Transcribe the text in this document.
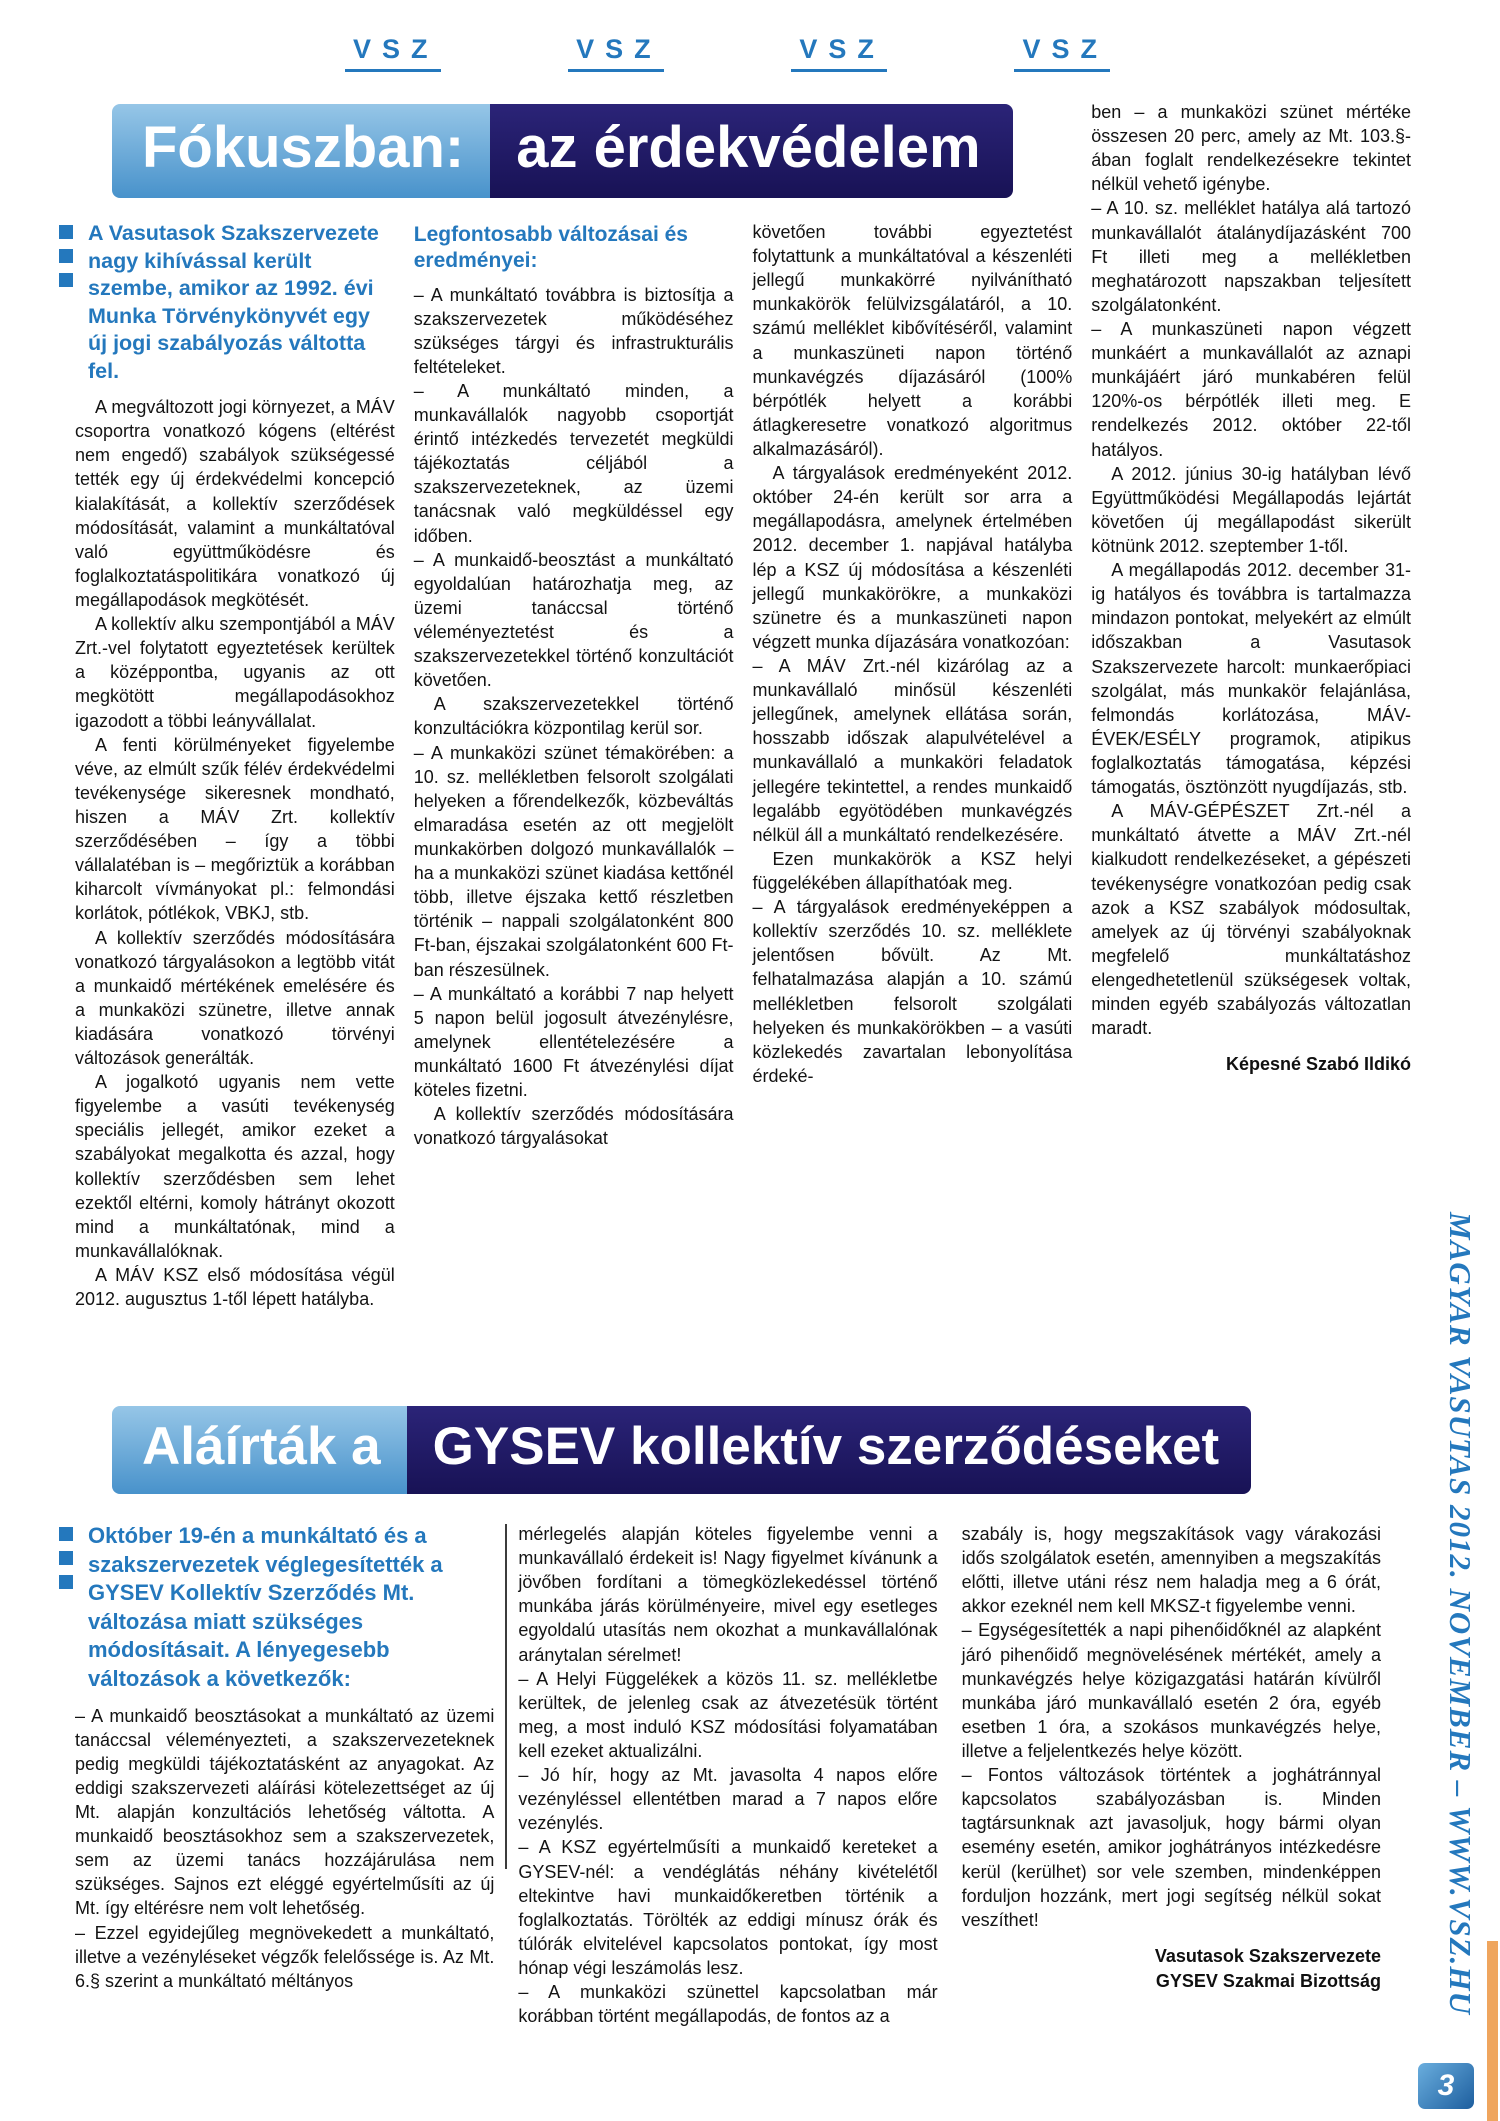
VSZ	VSZ	VSZ	VSZ
Fókuszban: az érdekvédelem

A Vasutasok Szakszervezete nagy kihívással került szembe, amikor az 1992. évi Munka Törvénykönyvét egy új jogi szabályozás váltotta fel.

A megváltozott jogi környezet, a MÁV csoportra vonatkozó kógens (eltérést nem engedő) szabályok szükségessé tették egy új érdekvédelmi koncepció kialakítását, a kollektív szerződések módosítását, valamint a munkáltatóval való együttműködésre és foglalkoztatáspolitikára vonatkozó új megállapodások megkötését.

A kollektív alku szempontjából a MÁV Zrt.-vel folytatott egyeztetések kerültek a középpontba, ugyanis az ott megkötött megállapodásokhoz igazodott a többi leányvállalat.

A fenti körülményeket figyelembe véve, az elmúlt szűk félév érdekvédelmi tevékenysége sikeresnek mondható, hiszen a MÁV Zrt. kollektív szerződésében – így a többi vállalatéban is – megőriztük a korábban kiharcolt vívmányokat pl.: felmondási korlátok, pótlékok, VBKJ, stb.

A kollektív szerződés módosítására vonatkozó tárgyalásokon a legtöbb vitát a munkaidő mértékének emelésére és a munkaközi szünetre, illetve annak kiadására vonatkozó törvényi változások generálták.

A jogalkotó ugyanis nem vette figyelembe a vasúti tevékenység speciális jellegét, amikor ezeket a szabályokat megalkotta és azzal, hogy kollektív szerződésben sem lehet ezektől eltérni, komoly hátrányt okozott mind a munkáltatónak, mind a munkavállalóknak.

A MÁV KSZ első módosítása végül 2012. augusztus 1-től lépett hatályba.

Legfontosabb változásai és eredményei:

– A munkáltató továbbra is biztosítja a szakszervezetek működéséhez szükséges tárgyi és infrastrukturális feltételeket.

– A munkáltató minden, a munkavállalók nagyobb csoportját érintő intézkedés tervezetét megküldi tájékoztatás céljából a szakszervezeteknek, az üzemi tanácsnak való megküldéssel egy időben.

– A munkaidő-beosztást a munkáltató egyoldalúan határozhatja meg, az üzemi tanáccsal történő véleményeztetést és a szakszervezetekkel történő konzultációt követően.

A szakszervezetekkel történő konzultációkra központilag kerül sor.

– A munkaközi szünet témakörében: a 10. sz. mellékletben felsorolt szolgálati helyeken a főrendelkezők, közbeváltás elmaradása esetén az ott megjelölt munkakörben dolgozó munkavállalók – ha a munkaközi szünet kiadása kettőnél több, illetve éjszaka kettő részletben történik – nappali szolgálatonként 800 Ft-ban, éjszakai szolgálatonként 600 Ft-ban részesülnek.

– A munkáltató a korábbi 7 nap helyett 5 napon belül jogosult átvezénylésre, amelynek ellentételezésére a munkáltató 1600 Ft átvezénylési díjat köteles fizetni.

A kollektív szerződés módosítására vonatkozó tárgyalásokat

követően további egyeztetést folytattunk a munkáltatóval a készenléti jellegű munkakörré nyilvánítható munkakörök felülvizsgálatáról, a 10. számú melléklet kibővítéséről, valamint a munkaszüneti napon történő munkavégzés díjazásáról (100% bérpótlék helyett a korábbi átlagkeresetre vonatkozó algoritmus alkalmazásáról).

A tárgyalások eredményeként 2012. október 24-én került sor arra a megállapodásra, amelynek értelmében 2012. december 1. napjával hatályba lép a KSZ új módosítása a készenléti jellegű munkakörökre, a munkaközi szünetre és a munkaszüneti napon végzett munka díjazására vonatkozóan:

– A MÁV Zrt.-nél kizárólag az a munkavállaló minősül készenléti jellegűnek, amelynek ellátása során, hosszabb időszak alapulvételével a munkavállaló a munkaköri feladatok jellegére tekintettel, a rendes munkaidő legalább egyötödében munkavégzés nélkül áll a munkáltató rendelkezésére.

Ezen munkakörök a KSZ helyi függelékében állapíthatóak meg.

– A tárgyalások eredményeképpen a kollektív szerződés 10. sz. melléklete jelentősen bővült. Az Mt. felhatalmazása alapján a 10. számú mellékletben felsorolt szolgálati helyeken és munkakörökben – a vasúti közlekedés zavartalan lebonyolítása érdeké-

ben – a munkaközi szünet mértéke összesen 20 perc, amely az Mt. 103.§-ában foglalt rendelkezésekre tekintet nélkül vehető igénybe.

– A 10. sz. melléklet hatálya alá tartozó munkavállalót átalánydíjazásként 700 Ft illeti meg a mellékletben meghatározott napszakban teljesített szolgálatonként.

– A munkaszüneti napon végzett munkáért a munkavállalót az aznapi munkájáért járó munkabéren felül 120%-os bérpótlék illeti meg. E rendelkezés 2012. október 22-től hatályos.

A 2012. június 30-ig hatályban lévő Együttműködési Megállapodás lejártát követően új megállapodást sikerült kötnünk 2012. szeptember 1-től.

A megállapodás 2012. december 31-ig hatályos és továbbra is tartalmazza mindazon pontokat, melyekért az elmúlt időszakban a Vasutasok Szakszervezete harcolt: munkaerőpiaci szolgálat, más munkakör felajánlása, felmondás korlátozása, MÁV-ÉVEK/ESÉLY programok, atipikus foglalkoztatás támogatása, képzési támogatás, ösztönzött nyugdíjazás, stb.

A MÁV-GÉPÉSZET Zrt.-nél a munkáltató átvette a MÁV Zrt.-nél kialkudott rendelkezéseket, a gépészeti tevékenységre vonatkozóan pedig csak azok a KSZ szabályok módosultak, amelyek az új törvényi szabályoknak megfelelő munkáltatáshoz elengedhetetlenül szükségesek voltak, minden egyéb szabályozás változatlan maradt.

Képesné Szabó Ildikó

Aláírták a GYSEV kollektív szerződéseket

Október 19-én a munkáltató és a szakszervezetek véglegesítették a GYSEV Kollektív Szerződés Mt. változása miatt szükséges módosításait. A lényegesebb változások a következők:

– A munkaidő beosztásokat a munkáltató az üzemi tanáccsal véleményezteti, a szakszervezeteknek pedig megküldi tájékoztatásként az anyagokat. Az eddigi szakszervezeti aláírási kötelezettséget az új Mt. alapján konzultációs lehetőség váltotta. A munkaidő beosztásokhoz sem a szakszervezetek, sem az üzemi tanács hozzájárulása nem szükséges. Sajnos ezt eléggé egyértelműsíti az új Mt. így eltérésre nem volt lehetőség.

– Ezzel egyidejűleg megnövekedett a munkáltató, illetve a vezényléseket végzők felelőssége is. Az Mt. 6.§ szerint a munkáltató méltányos

mérlegelés alapján köteles figyelembe venni a munkavállaló érdekeit is! Nagy figyelmet kívánunk a jövőben fordítani a tömegközlekedéssel történő munkába járás körülményeire, mivel egy esetleges egyoldalú utasítás nem okozhat a munkavállalónak aránytalan sérelmet!

– A Helyi Függelékek a közös 11. sz. mellékletbe kerültek, de jelenleg csak az átvezetésük történt meg, a most induló KSZ módosítási folyamatában kell ezeket aktualizálni.

– Jó hír, hogy az Mt. javasolta 4 napos előre vezényléssel ellentétben marad a 7 napos előre vezénylés.

– A KSZ egyértelműsíti a munkaidő kereteket a GYSEV-nél: a vendéglátás néhány kivételétől eltekintve havi munkaidőkeretben történik a foglalkoztatás. Törölték az eddigi mínusz órák és túlórák elvitelével kapcsolatos pontokat, így most hónap végi leszámolás lesz.

– A munkaközi szünettel kapcsolatban már korábban történt megállapodás, de fontos az a

szabály is, hogy megszakítások vagy várakozási idős szolgálatok esetén, amennyiben a megszakítás előtti, illetve utáni rész nem haladja meg a 6 órát, akkor ezeknél nem kell MKSZ-t figyelembe venni.

– Egységesítették a napi pihenőidőknél az alapként járó pihenőidő megnövelésének mértékét, amely a munkavégzés helye közigazgatási határán kívülről munkába járó munkavállaló esetén 2 óra, egyéb esetben 1 óra, a szokásos munkavégzés helye, illetve a feljelentkezés helye között.

– Fontos változások történtek a joghátránnyal kapcsolatos szabályozásban is. Minden tagtársunknak azt javasoljuk, hogy bármi olyan esemény esetén, amikor joghátrányos intézkedésre kerül (kerülhet) sor vele szemben, mindenképpen forduljon hozzánk, mert jogi segítség nélkül sokat veszíthet!

Vasutasok Szakszervezete

GYSEV Szakmai Bizottság MAGYAR VASUTAS 2012. NOVEMBER – WWW.VSZ.HU
3
